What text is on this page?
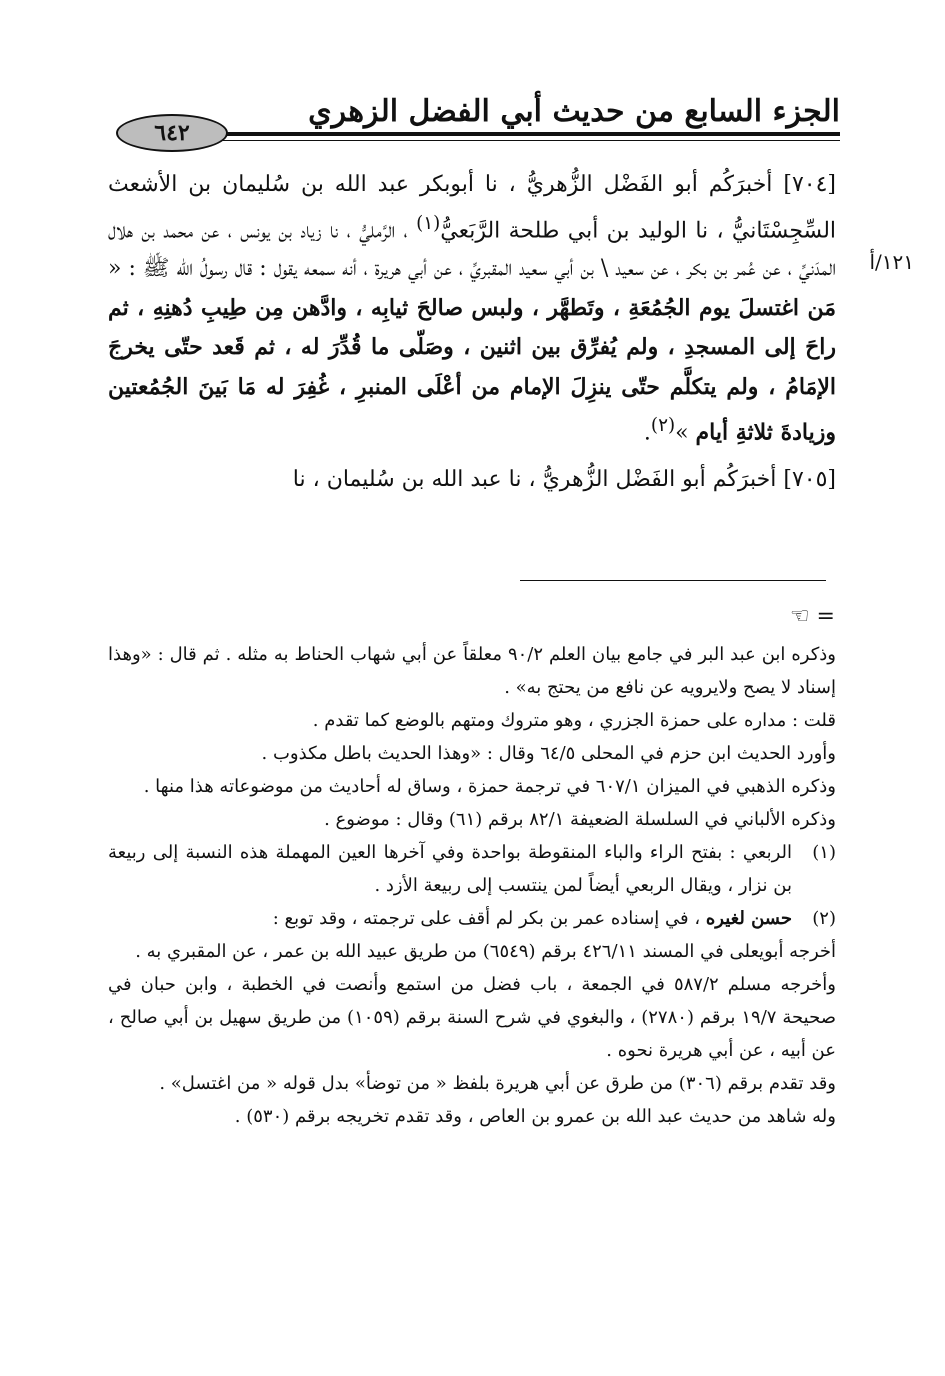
الجزء السابع من حديث أبي الفضل الزهري
٦٤٢
١٢١/أ

[٧٠٤] أخبرَكُم أبو الفَضْل الزُّهريُّ ، نا أبوبكر عبد الله بن سُليمان بن الأشعث السِّجِسْتَانيُّ ، نا الوليد بن أبي طلحة الرَّبَعيُّ$^{(١)}$ ، الرَّمليُّ ، نا زياد بن يونس ، عن محمد بن هلال المدَنيِّ ، عن عُمر بن بكر ، عن سعيد \ بن أبي سعيد المقبريِّ ، عن أبي هريرة ، أنه سمعه يقول : قال رسولُ الله ﷺ : « مَن اغتسلَ يوم الجُمُعَةِ ، وتَطهَّر ، ولبس صالحَ ثيابِه ، وادَّهن مِن طِيبِ دُهنِهِ ، ثم راحَ إلى المسجدِ ، ولم يُفرِّق بين اثنين ، وصَلّى ما قُدِّرَ له ، ثم قَعد حتّى يخرجَ الإمَامُ ، ولم يتكلَّم حتّى ينزِلَ الإمام من أعْلَى المنبرِ ، غُفِرَ له مَا بَينَ الجُمُعتين وزيادةَ ثلاثةِ أيام »$^{(٢)}$.

[٧٠٥] أخبرَكُم أبو الفَضْل الزُّهريُّ ، نا عبد الله بن سُليمان ، نا

= ☜

وذكره ابن عبد البر في جامع بيان العلم ٩٠/٢ معلقاً عن أبي شهاب الحناط به مثله . ثم قال : «وهذا إسناد لا يصح ولايرويه عن نافع من يحتج به» .

قلت : مداره على حمزة الجزري ، وهو متروك ومتهم بالوضع كما تقدم .

وأورد الحديث ابن حزم في المحلى ٦٤/٥ وقال : «وهذا الحديث باطل مكذوب .

وذكره الذهبي في الميزان ٦٠٧/١ في ترجمة حمزة ، وساق له أحاديث من موضوعاته هذا منها .

وذكره الألباني في السلسلة الضعيفة ٨٢/١ برقم (٦١) وقال : موضوع .

(١)الربعي : بفتح الراء والباء المنقوطة بواحدة وفي آخرها العين المهملة هذه النسبة إلى ربيعة بن نزار ، ويقال الربعي أيضاً لمن ينتسب إلى ربيعة الأزد .

(٢)حسن لغيره ، في إسناده عمر بن بكر لم أقف على ترجمته ، وقد توبع :

أخرجه أبويعلى في المسند ٤٢٦/١١ برقم (٦٥٤٩) من طريق عبيد الله بن عمر ، عن المقبري به .

وأخرجه مسلم ٥٨٧/٢ في الجمعة ، باب فضل من استمع وأنصت في الخطبة ، وابن حبان في صحيحة ١٩/٧ برقم (٢٧٨٠) ، والبغوي في شرح السنة برقم (١٠٥٩) من طريق سهيل بن أبي صالح ، عن أبيه ، عن أبي هريرة نحوه .

وقد تقدم برقم (٣٠٦) من طرق عن أبي هريرة بلفظ « من توضأ» بدل قوله « من اغتسل» .

وله شاهد من حديث عبد الله بن عمرو بن العاص ، وقد تقدم تخريجه برقم (٥٣٠) .
